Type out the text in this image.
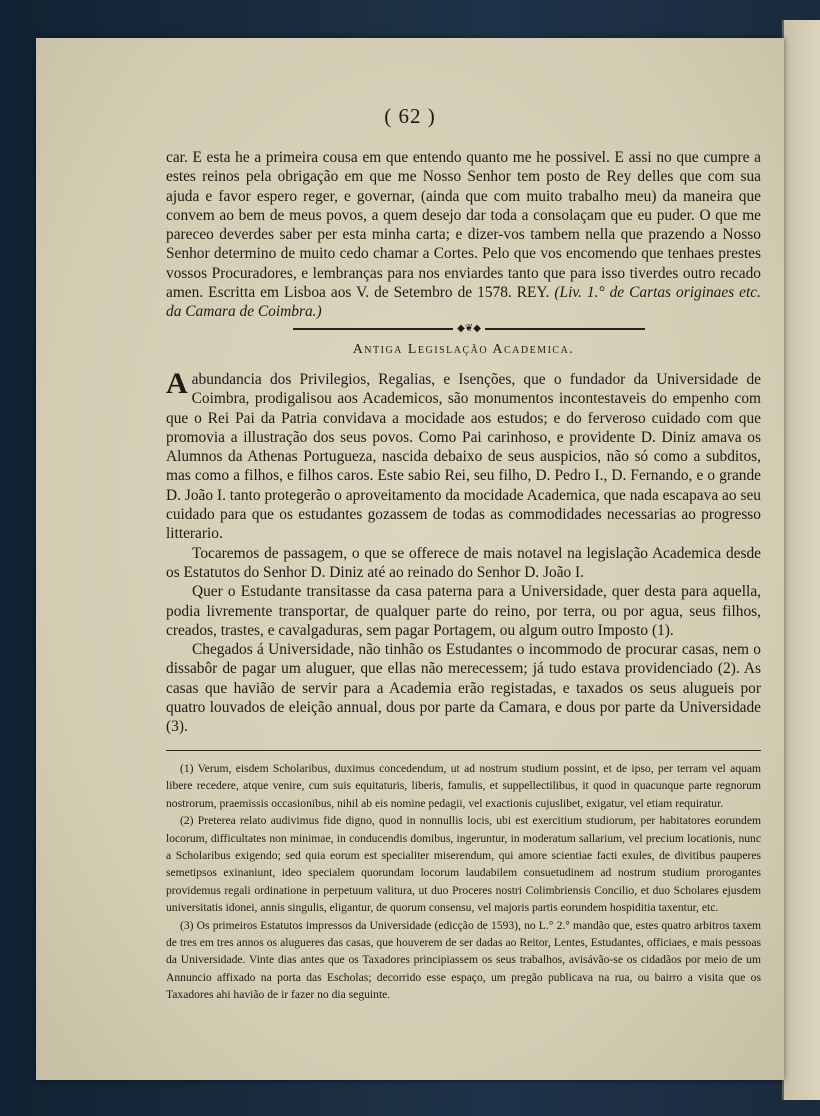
( 62 )

car. E esta he a primeira cousa em que entendo quanto me he possivel. E assi no que cumpre a estes reinos pela obrigação em que me Nosso Senhor tem posto de Rey delles que com sua ajuda e favor espero reger, e governar, (ainda que com muito trabalho meu) da maneira que convem ao bem de meus povos, a quem desejo dar toda a consolaçam que eu puder. O que me pareceo deverdes saber per esta minha carta; e dizer-vos tambem nella que prazendo a Nosso Senhor determino de muito cedo chamar a Cortes. Pelo que vos encomendo que tenhaes prestes vossos Procuradores, e lembranças para nos enviardes tanto que para isso tiverdes outro recado amen. Escritta em Lisboa aos V. de Setembro de 1578. REY. (Liv. 1.° de Cartas originaes etc. da Camara de Coimbra.)

◆❦◆
Antiga Legislação Academica.

A abundancia dos Privilegios, Regalias, e Isenções, que o fundador da Universidade de Coimbra, prodigalisou aos Academicos, são monumentos incontestaveis do empenho com que o Rei Pai da Patria convidava a mocidade aos estudos; e do ferveroso cuidado com que promovia a illustração dos seus povos. Como Pai carinhoso, e providente D. Diniz amava os Alumnos da Athenas Portugueza, nascida debaixo de seus auspicios, não só como a subditos, mas como a filhos, e filhos caros. Este sabio Rei, seu filho, D. Pedro I., D. Fernando, e o grande D. João I. tanto protegerão o aproveitamento da mocidade Academica, que nada escapava ao seu cuidado para que os estudantes gozassem de todas as commodidades necessarias ao progresso litterario.

Tocaremos de passagem, o que se offerece de mais notavel na legislação Academica desde os Estatutos do Senhor D. Diniz até ao reinado do Senhor D. João I.

Quer o Estudante transitasse da casa paterna para a Universidade, quer desta para aquella, podia livremente transportar, de qualquer parte do reino, por terra, ou por agua, seus filhos, creados, trastes, e cavalgaduras, sem pagar Portagem, ou algum outro Imposto (1).

Chegados á Universidade, não tinhão os Estudantes o incommodo de procurar casas, nem o dissabôr de pagar um aluguer, que ellas não merecessem; já tudo estava providenciado (2). As casas que havião de servir para a Academia erão registadas, e taxados os seus alugueis por quatro louvados de eleição annual, dous por parte da Camara, e dous por parte da Universidade (3).

(1) Verum, eisdem Scholaribus, duximus concedendum, ut ad nostrum studium possint, et de ipso, per terram vel aquam libere recedere, atque venire, cum suis equitaturis, liberis, famulis, et suppellectilibus, it quod in quacunque parte regnorum nostrorum, praemissis occasionibus, nihil ab eis nomine pedagii, vel exactionis cujuslibet, exigatur, vel etiam requiratur.

(2) Preterea relato audivimus fide digno, quod in nonnullis locis, ubi est exercitium studiorum, per habitatores eorundem locorum, difficultates non minimae, in conducendis domibus, ingeruntur, in moderatum sallarium, vel precium locationis, nunc a Scholaribus exigendo; sed quia eorum est specialiter miserendum, qui amore scientiae facti exules, de divitibus pauperes semetipsos exinaniunt, ideo specialem quorundam locorum laudabilem consuetudinem ad nostrum studium prorogantes providemus regali ordinatione in perpetuum valitura, ut duo Proceres nostri Colimbriensis Concilio, et duo Scholares ejusdem universitatis idonei, annis singulis, eligantur, de quorum consensu, vel majoris partis eorundem hospiditia taxentur, etc.

(3) Os primeiros Estatutos impressos da Universidade (edicção de 1593), no L.° 2.° mandão que, estes quatro arbitros taxem de tres em tres annos os alugueres das casas, que houverem de ser dadas ao Reitor, Lentes, Estudantes, officiaes, e mais pessoas da Universidade. Vinte dias antes que os Taxadores principiassem os seus trabalhos, avisávão-se os cidadãos por meio de um Annuncio affixado na porta das Escholas; decorrido esse espaço, um pregão publicava na rua, ou bairro a visita que os Taxadores ahi havião de ir fazer no dia seguinte.
